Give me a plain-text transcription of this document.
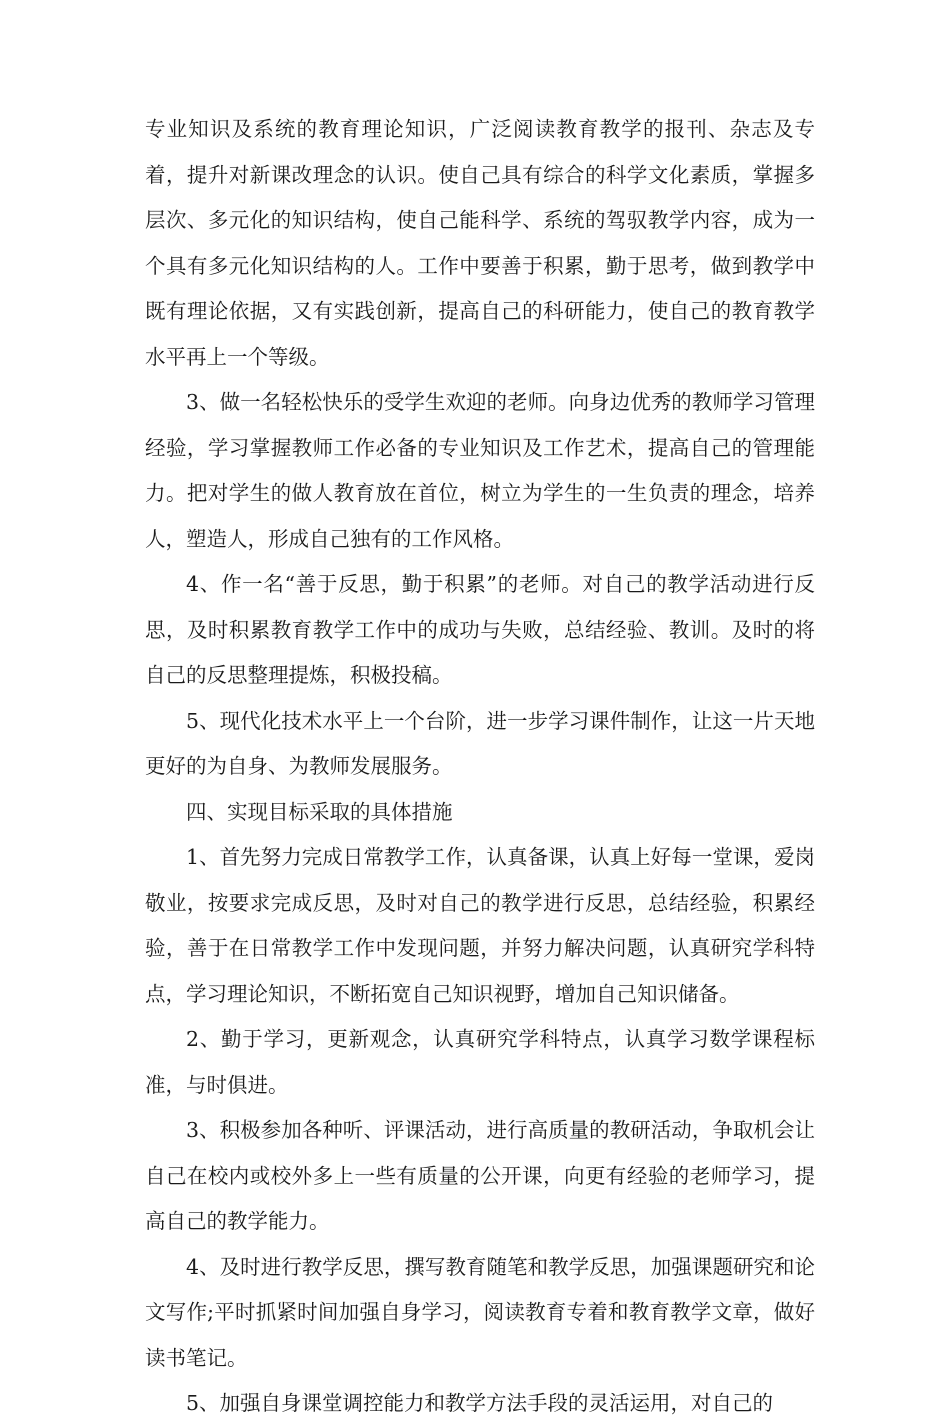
专业知识及系统的教育理论知识，广泛阅读教育教学的报刊、杂志及专着，提升对新课改理念的认识。使自己具有综合的科学文化素质，掌握多层次、多元化的知识结构，使自己能科学、系统的驾驭教学内容，成为一个具有多元化知识结构的人。工作中要善于积累，勤于思考，做到教学中既有理论依据，又有实践创新，提高自己的科研能力，使自己的教育教学水平再上一个等级。

3、做一名轻松快乐的受学生欢迎的老师。向身边优秀的教师学习管理经验，学习掌握教师工作必备的专业知识及工作艺术，提高自己的管理能力。把对学生的做人教育放在首位，树立为学生的一生负责的理念，培养人，塑造人，形成自己独有的工作风格。

4、作一名“善于反思，勤于积累”的老师。对自己的教学活动进行反思，及时积累教育教学工作中的成功与失败，总结经验、教训。及时的将自己的反思整理提炼，积极投稿。

5、现代化技术水平上一个台阶，进一步学习课件制作，让这一片天地更好的为自身、为教师发展服务。

四、实现目标采取的具体措施

1、首先努力完成日常教学工作，认真备课，认真上好每一堂课，爱岗敬业，按要求完成反思，及时对自己的教学进行反思，总结经验，积累经验，善于在日常教学工作中发现问题，并努力解决问题，认真研究学科特点，学习理论知识，不断拓宽自己知识视野，增加自己知识储备。

2、勤于学习，更新观念，认真研究学科特点，认真学习数学课程标准，与时俱进。

3、积极参加各种听、评课活动，进行高质量的教研活动，争取机会让自己在校内或校外多上一些有质量的公开课，向更有经验的老师学习，提高自己的教学能力。

4、及时进行教学反思，撰写教育随笔和教学反思，加强课题研究和论文写作;平时抓紧时间加强自身学习，阅读教育专着和教育教学文章，做好读书笔记。

5、加强自身课堂调控能力和教学方法手段的灵活运用，对自己的
